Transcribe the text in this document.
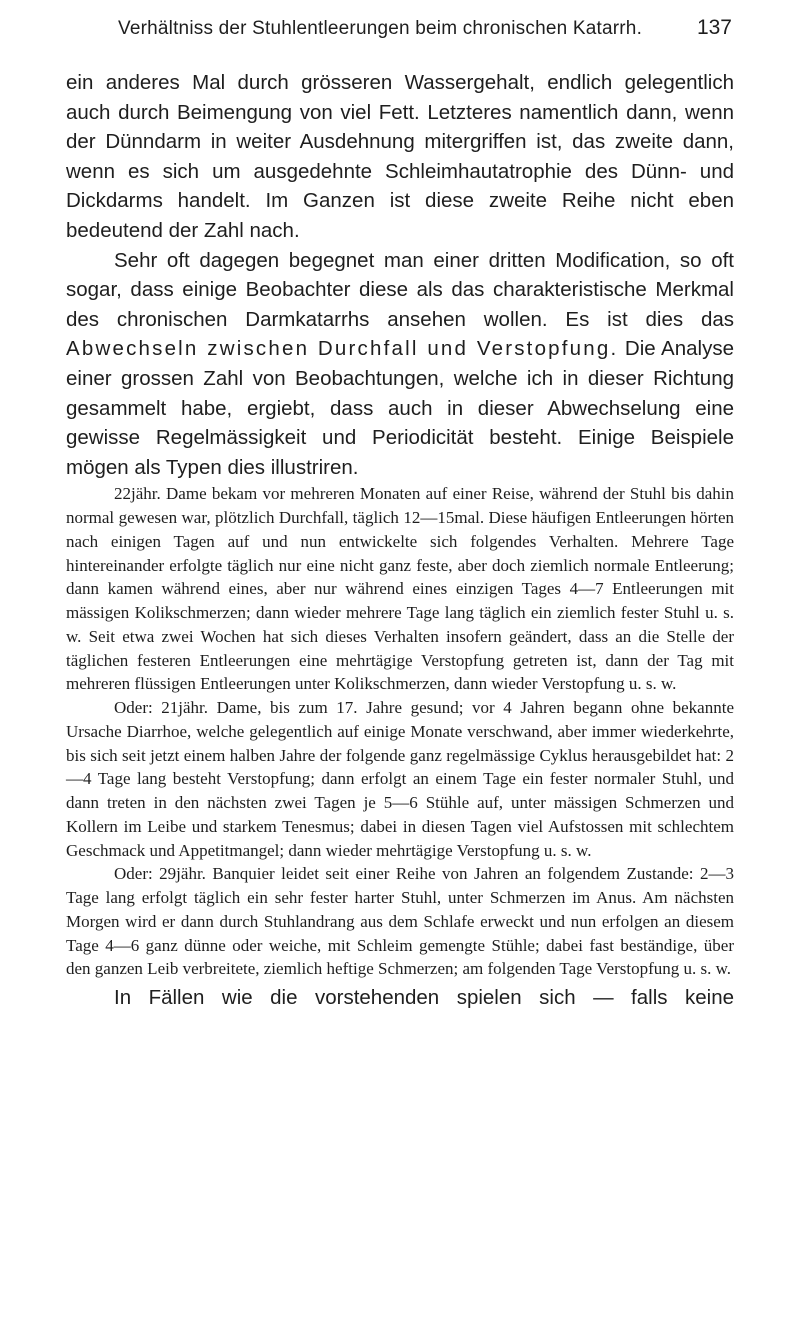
Verhältniss der Stuhlentleerungen beim chronischen Katarrh.	137

ein anderes Mal durch grösseren Wassergehalt, endlich gelegentlich auch durch Beimengung von viel Fett. Letzteres namentlich dann, wenn der Dünndarm in weiter Ausdehnung mitergriffen ist, das zweite dann, wenn es sich um ausgedehnte Schleimhautatrophie des Dünn- und Dickdarms handelt. Im Ganzen ist diese zweite Reihe nicht eben bedeutend der Zahl nach.

Sehr oft dagegen begegnet man einer dritten Modification, so oft sogar, dass einige Beobachter diese als das charakteristische Merkmal des chronischen Darmkatarrhs ansehen wollen. Es ist dies das Abwechseln zwischen Durchfall und Verstopfung. Die Analyse einer grossen Zahl von Beobachtungen, welche ich in dieser Richtung gesammelt habe, ergiebt, dass auch in dieser Abwechselung eine gewisse Regelmässigkeit und Periodicität besteht. Einige Beispiele mögen als Typen dies illustriren.

22jähr. Dame bekam vor mehreren Monaten auf einer Reise, während der Stuhl bis dahin normal gewesen war, plötzlich Durchfall, täglich 12—15mal. Diese häufigen Entleerungen hörten nach einigen Tagen auf und nun entwickelte sich folgendes Verhalten. Mehrere Tage hintereinander erfolgte täglich nur eine nicht ganz feste, aber doch ziemlich normale Entleerung; dann kamen während eines, aber nur während eines einzigen Tages 4—7 Entleerungen mit mässigen Kolikschmerzen; dann wieder mehrere Tage lang täglich ein ziemlich fester Stuhl u. s. w. Seit etwa zwei Wochen hat sich dieses Verhalten insofern geändert, dass an die Stelle der täglichen festeren Entleerungen eine mehrtägige Verstopfung getreten ist, dann der Tag mit mehreren flüssigen Entleerungen unter Kolikschmerzen, dann wieder Verstopfung u. s. w.

Oder: 21jähr. Dame, bis zum 17. Jahre gesund; vor 4 Jahren begann ohne bekannte Ursache Diarrhoe, welche gelegentlich auf einige Monate verschwand, aber immer wiederkehrte, bis sich seit jetzt einem halben Jahre der folgende ganz regelmässige Cyklus herausgebildet hat: 2—4 Tage lang besteht Verstopfung; dann erfolgt an einem Tage ein fester normaler Stuhl, und dann treten in den nächsten zwei Tagen je 5—6 Stühle auf, unter mässigen Schmerzen und Kollern im Leibe und starkem Tenesmus; dabei in diesen Tagen viel Aufstossen mit schlechtem Geschmack und Appetitmangel; dann wieder mehrtägige Verstopfung u. s. w.

Oder: 29jähr. Banquier leidet seit einer Reihe von Jahren an folgendem Zustande: 2—3 Tage lang erfolgt täglich ein sehr fester harter Stuhl, unter Schmerzen im Anus. Am nächsten Morgen wird er dann durch Stuhlandrang aus dem Schlafe erweckt und nun erfolgen an diesem Tage 4—6 ganz dünne oder weiche, mit Schleim gemengte Stühle; dabei fast beständige, über den ganzen Leib verbreitete, ziemlich heftige Schmerzen; am folgenden Tage Verstopfung u. s. w.

In Fällen wie die vorstehenden spielen sich — falls keine
